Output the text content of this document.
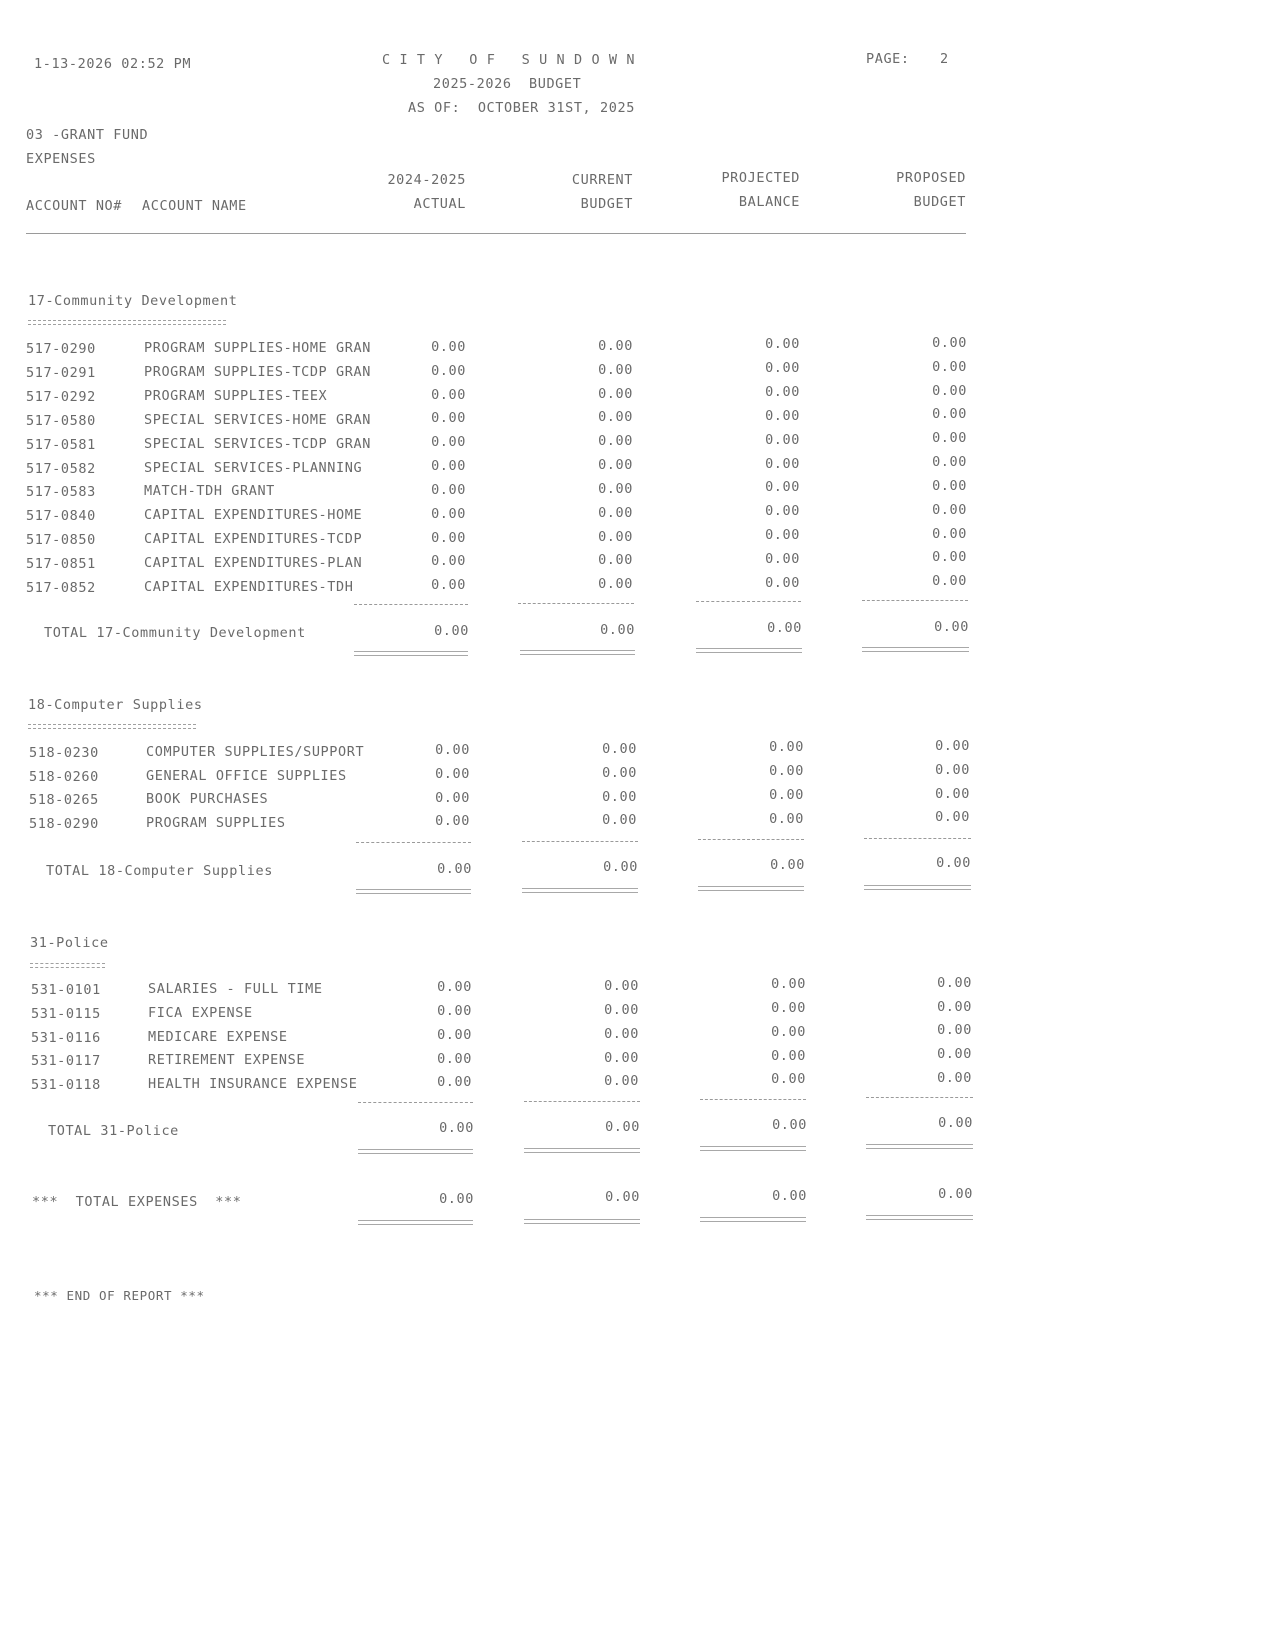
1-13-2026 02:52 PM	C I T Y   O F   S U N D O W N
2025-2026  BUDGET
AS OF:  OCTOBER 31ST, 2025
PAGE: 2
03 -GRANT FUND
EXPENSES
2024-2025
ACTUAL
CURRENT
BUDGET
PROJECTED
BALANCE
PROPOSED
BUDGET
ACCOUNT NO# ACCOUNT NAME
17-Community Development
517-0290	PROGRAM SUPPLIES-HOME GRAN	0.00	0.00	0.00	0.00
517-0291	PROGRAM SUPPLIES-TCDP GRAN	0.00	0.00	0.00	0.00
517-0292	PROGRAM SUPPLIES-TEEX	0.00	0.00	0.00	0.00
517-0580	SPECIAL SERVICES-HOME GRAN	0.00	0.00	0.00	0.00
517-0581	SPECIAL SERVICES-TCDP GRAN	0.00	0.00	0.00	0.00
517-0582	SPECIAL SERVICES-PLANNING	0.00	0.00	0.00	0.00
517-0583	MATCH-TDH GRANT	0.00	0.00	0.00	0.00
517-0840	CAPITAL EXPENDITURES-HOME	0.00	0.00	0.00	0.00
517-0850	CAPITAL EXPENDITURES-TCDP	0.00	0.00	0.00	0.00
517-0851	CAPITAL EXPENDITURES-PLAN	0.00	0.00	0.00	0.00
517-0852	CAPITAL EXPENDITURES-TDH	0.00	0.00	0.00	0.00
TOTAL 17-Community Development	0.00	0.00	0.00	0.00
18-Computer Supplies
518-0230	COMPUTER SUPPLIES/SUPPORT	0.00	0.00	0.00	0.00
518-0260	GENERAL OFFICE SUPPLIES	0.00	0.00	0.00	0.00
518-0265	BOOK PURCHASES	0.00	0.00	0.00	0.00
518-0290	PROGRAM SUPPLIES	0.00	0.00	0.00	0.00
TOTAL 18-Computer Supplies	0.00	0.00	0.00	0.00
31-Police
531-0101	SALARIES - FULL TIME	0.00	0.00	0.00	0.00
531-0115	FICA EXPENSE	0.00	0.00	0.00	0.00
531-0116	MEDICARE EXPENSE	0.00	0.00	0.00	0.00
531-0117	RETIREMENT EXPENSE	0.00	0.00	0.00	0.00
531-0118	HEALTH INSURANCE EXPENSE	0.00	0.00	0.00	0.00
TOTAL 31-Police	0.00	0.00	0.00	0.00
***  TOTAL EXPENSES  ***	0.00	0.00	0.00	0.00
*** END OF REPORT ***
